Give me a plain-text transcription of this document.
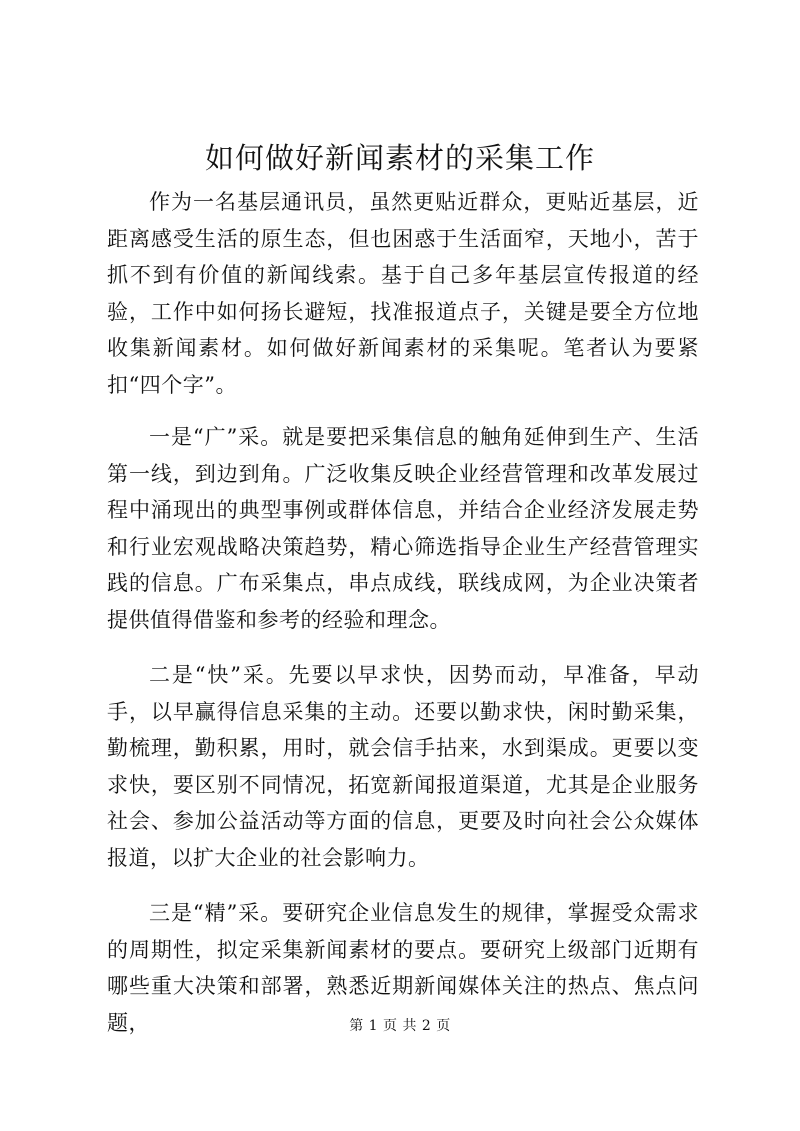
如何做好新闻素材的采集工作

作为一名基层通讯员，虽然更贴近群众，更贴近基层，近距离感受生活的原生态，但也困惑于生活面窄，天地小，苦于抓不到有价值的新闻线索。基于自己多年基层宣传报道的经验，工作中如何扬长避短，找准报道点子，关键是要全方位地收集新闻素材。如何做好新闻素材的采集呢。笔者认为要紧扣“四个字”。

一是“广”采。就是要把采集信息的触角延伸到生产、生活第一线，到边到角。广泛收集反映企业经营管理和改革发展过程中涌现出的典型事例或群体信息，并结合企业经济发展走势和行业宏观战略决策趋势，精心筛选指导企业生产经营管理实践的信息。广布采集点，串点成线，联线成网，为企业决策者提供值得借鉴和参考的经验和理念。

二是“快”采。先要以早求快，因势而动，早准备，早动手，以早赢得信息采集的主动。还要以勤求快，闲时勤采集，勤梳理，勤积累，用时，就会信手拈来，水到渠成。更要以变求快，要区别不同情况，拓宽新闻报道渠道，尤其是企业服务社会、参加公益活动等方面的信息，更要及时向社会公众媒体报道，以扩大企业的社会影响力。

三是“精”采。要研究企业信息发生的规律，掌握受众需求的周期性，拟定采集新闻素材的要点。要研究上级部门近期有哪些重大决策和部署，熟悉近期新闻媒体关注的热点、焦点问题，	第 1 页 共 2 页
